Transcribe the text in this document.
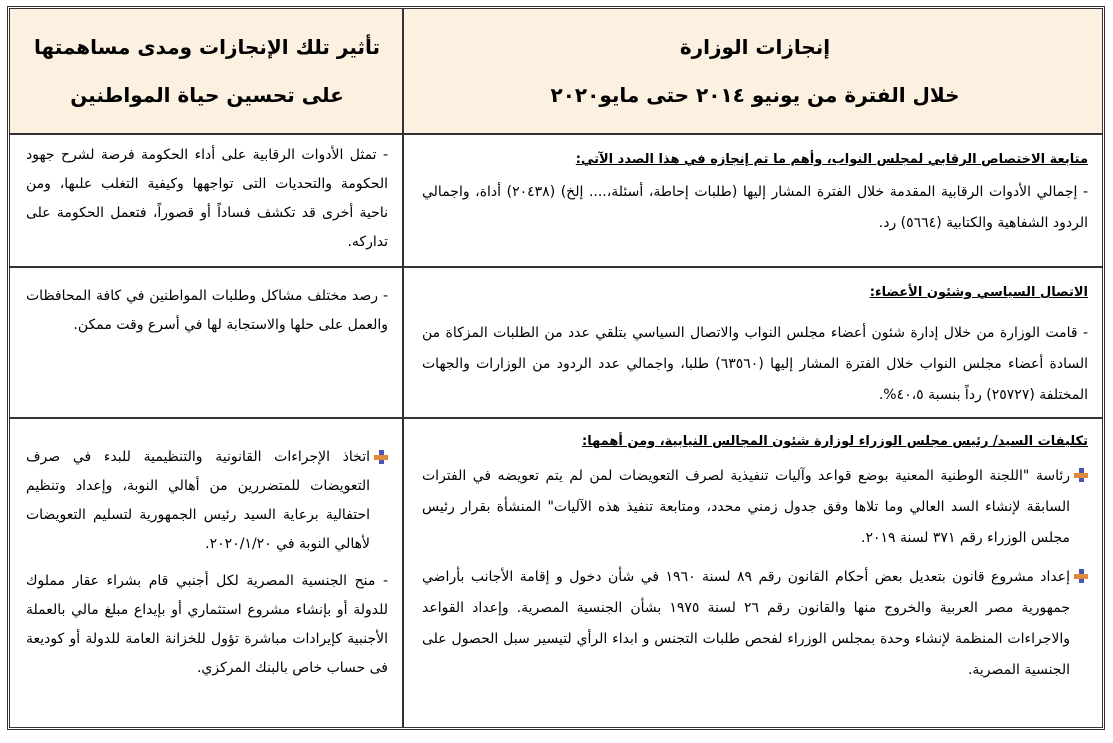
إنجازات الوزارة
خلال الفترة من يونيو ٢٠١٤ حتى مايو٢٠٢٠
تأثير تلك الإنجازات ومدى مساهمتها
على تحسين حياة المواطنين
متابعة الاختصاص الرقابي لمجلس النواب، وأهم ما تم إنجازه في هذا الصدد الآتي:

- إجمالي الأدوات الرقابية المقدمة خلال الفترة المشار إليها (طلبات إحاطة، أسئلة،.... إلخ) (٢٠٤٣٨) أداة، واجمالي الردود الشفاهية والكتابية (٥٦٦٤) رد.

- تمثل الأدوات الرقابية على أداء الحكومة فرصة لشرح جهود الحكومة والتحديات التى تواجهها وكيفية التغلب علىها، ومن ناحية أخرى قد تكشف فساداً أو قصوراً، فتعمل الحكومة على تداركه.

الاتصال السياسي وشئون الأعضاء:

- قامت الوزارة من خلال إدارة شئون أعضاء مجلس النواب والاتصال السياسي بتلقي عدد من الطلبات المزكاة من السادة أعضاء مجلس النواب خلال الفترة المشار إليها (٦٣٥٦٠) طلبا، واجمالي عدد الردود من الوزارات والجهات المختلفة (٢٥٧٢٧) رداً بنسبة ٤٠،٥%.

- رصد مختلف مشاكل وطلبات المواطنين في كافة المحافظات والعمل على حلها والاستجابة لها في أسرع وقت ممكن.

تكليفات السيد/ رئيس مجلس الوزراء لوزارة شئون المجالس النيابية، ومن أهمها:

رئاسة "اللجنة الوطنية المعنية بوضع قواعد وآليات تنفيذية لصرف التعويضات لمن لم يتم تعويضه في الفترات السابقة لإنشاء السد العالي وما تلاها وفق جدول زمني محدد، ومتابعة تنفيذ هذه الآليات" المنشأة بقرار رئيس مجلس الوزراء رقم ٣٧١ لسنة ٢٠١٩.

إعداد مشروع قانون بتعديل بعض أحكام القانون رقم ٨٩ لسنة ١٩٦٠ في شأن دخول و إقامة الأجانب بأراضي جمهورية مصر العربية والخروج منها والقانون رقم ٢٦ لسنة ١٩٧٥ بشأن الجنسية المصرية. وإعداد القواعد والاجراءات المنظمة لإنشاء وحدة بمجلس الوزراء لفحص طلبات التجنس و ابداء الرأي لتيسير سبل الحصول على الجنسية المصرية.

اتخاذ الإجراءات القانونية والتنظيمية للبدء في صرف التعويضات للمتضررين من أهالي النوبة، وإعداد وتنظيم احتفالية برعاية السيد رئيس الجمهورية لتسليم التعويضات لأهالي النوبة في ٢٠٢٠/١/٢٠.

- منح الجنسية المصرية لكل أجنبي قام بشراء عقار مملوك للدولة أو بإنشاء مشروع استثماري أو بإيداع مبلغ مالي بالعملة الأجنبية كإيرادات مباشرة تؤول للخزانة العامة للدولة أو كوديعة فى حساب خاص بالبنك المركزي.
